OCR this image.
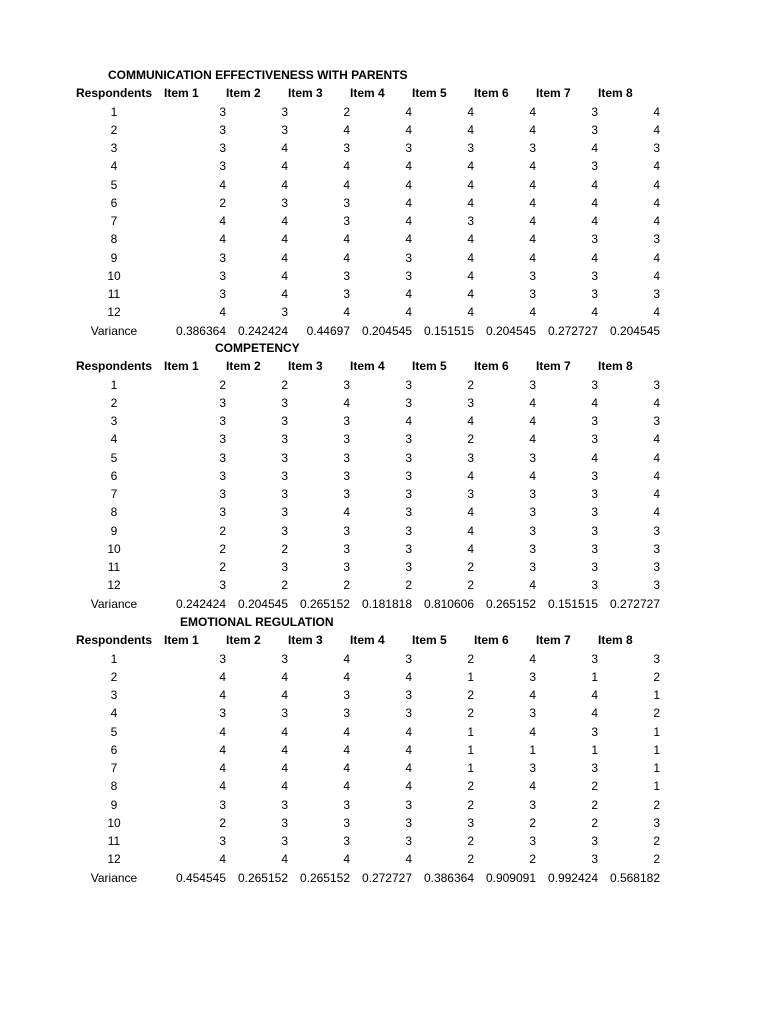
COMMUNICATION EFFECTIVENESS WITH PARENTS
Respondents	Item 1	Item 2	Item 3	Item 4	Item 5	Item 6	Item 7	Item 8
1	3	3	2	4	4	4	3	4
2	3	3	4	4	4	4	3	4
3	3	4	3	3	3	3	4	3
4	3	4	4	4	4	4	3	4
5	4	4	4	4	4	4	4	4
6	2	3	3	4	4	4	4	4
7	4	4	3	4	3	4	4	4
8	4	4	4	4	4	4	3	3
9	3	4	4	3	4	4	4	4
10	3	4	3	3	4	3	3	4
11	3	4	3	4	4	3	3	3
12	4	3	4	4	4	4	4	4
Variance	0.386364 0.242424	0.44697 0.204545 0.151515 0.204545 0.272727 0.204545
COMPETENCY
Respondents	Item 1	Item 2	Item 3	Item 4	Item 5	Item 6	Item 7	Item 8
1	2	2	3	3	2	3	3	3
2	3	3	4	3	3	4	4	4
3	3	3	3	4	4	4	3	3
4	3	3	3	3	2	4	3	4
5	3	3	3	3	3	3	4	4
6	3	3	3	3	4	4	3	4
7	3	3	3	3	3	3	3	4
8	3	3	4	3	4	3	3	4
9	2	3	3	3	4	3	3	3
10	2	2	3	3	4	3	3	3
11	2	3	3	3	2	3	3	3
12	3	2	2	2	2	4	3	3
Variance	0.242424 0.204545 0.265152 0.181818 0.810606 0.265152 0.151515 0.272727
EMOTIONAL REGULATION
Respondents	Item 1	Item 2	Item 3	Item 4	Item 5	Item 6	Item 7	Item 8
1	3	3	4	3	2	4	3	3
2	4	4	4	4	1	3	1	2
3	4	4	3	3	2	4	4	1
4	3	3	3	3	2	3	4	2
5	4	4	4	4	1	4	3	1
6	4	4	4	4	1	1	1	1
7	4	4	4	4	1	3	3	1
8	4	4	4	4	2	4	2	1
9	3	3	3	3	2	3	2	2
10	2	3	3	3	3	2	2	3
11	3	3	3	3	2	3	3	2
12	4	4	4	4	2	2	3	2
Variance	0.454545 0.265152 0.265152 0.272727 0.386364 0.909091 0.992424 0.568182
